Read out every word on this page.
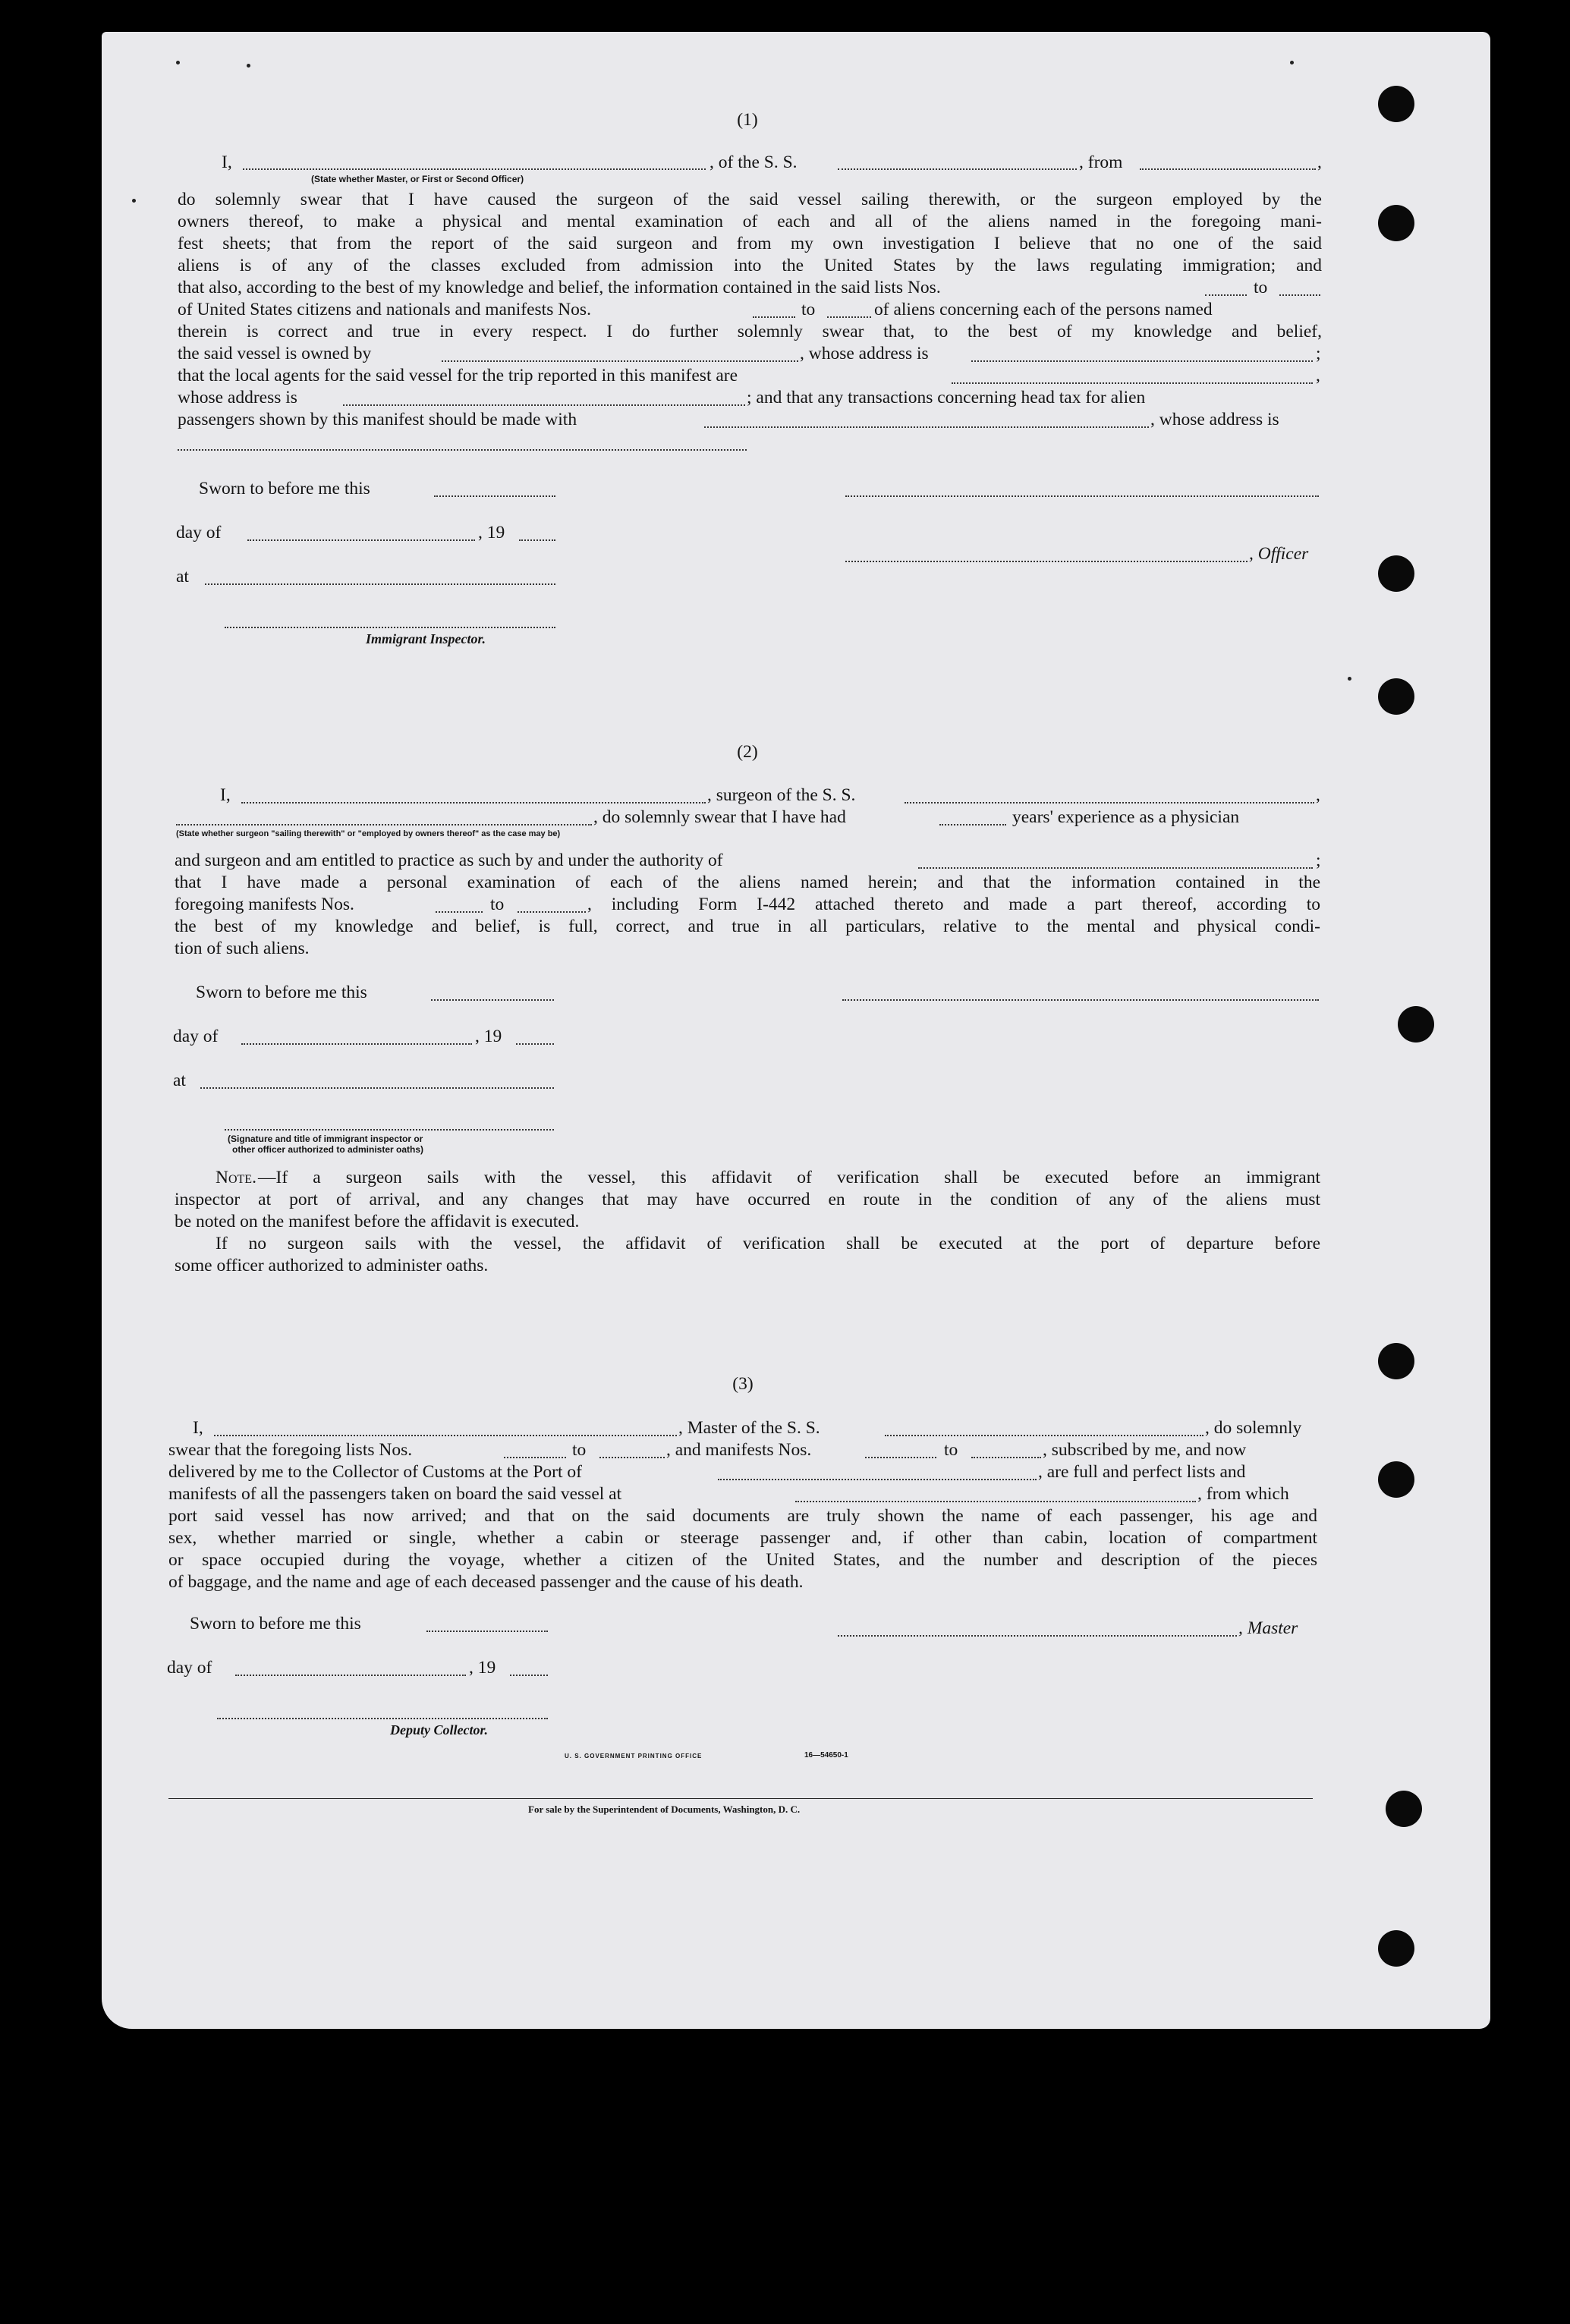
(1)
I,
(State whether Master, or First or Second Officer)
, of the S. S.	, from	,
do solemnly swear that I have caused the surgeon of the said vessel sailing therewith, or the surgeon employed by the
owners thereof, to make a physical and mental examination of each and all of the aliens named in the foregoing mani-
fest sheets; that from the report of the said surgeon and from my own investigation I believe that no one of the said
aliens is of any of the classes excluded from admission into the United States by the laws regulating immigration; and
that also, according to the best of my knowledge and belief, the information contained in the said lists Nos.	to
of United States citizens and nationals and manifests Nos.	to	of aliens concerning each of the persons named
therein is correct and true in every respect. I do further solemnly swear that, to the best of my knowledge and belief,
the said vessel is owned by	, whose address is	;
that the local agents for the said vessel for the trip reported in this manifest are	,
whose address is	; and that any transactions concerning head tax for alien
passengers shown by this manifest should be made with	, whose address is
Sworn to before me this
day of	, 19
, Officer
at
Immigrant Inspector.
(2)
I,	, surgeon of the S. S.	,
(State whether surgeon "sailing therewith" or "employed by owners thereof" as the case may be)
, do solemnly swear that I have had	years' experience as a physician
and surgeon and am entitled to practice as such by and under the authority of	;
that I have made a personal examination of each of the aliens named herein; and that the information contained in the
foregoing manifests Nos.	to	, including Form I-442 attached thereto and made a part thereof, according to
the best of my knowledge and belief, is full, correct, and true in all particulars, relative to the mental and physical condi-
tion of such aliens.
Sworn to before me this
day of	, 19
at
(Signature and title of immigrant inspector or
other officer authorized to administer oaths)
Note. —If a surgeon sails with the vessel, this affidavit of verification shall be executed before an immigrant
inspector at port of arrival, and any changes that may have occurred en route in the condition of any of the aliens must
be noted on the manifest before the affidavit is executed.
If no surgeon sails with the vessel, the affidavit of verification shall be executed at the port of departure before
some officer authorized to administer oaths.
(3)
I,	, Master of the S. S.	, do solemnly
swear that the foregoing lists Nos.	to	, and manifests Nos.	to	, subscribed by me, and now
delivered by me to the Collector of Customs at the Port of	, are full and perfect lists and
manifests of all the passengers taken on board the said vessel at	, from which
port said vessel has now arrived; and that on the said documents are truly shown the name of each passenger, his age and
sex, whether married or single, whether a cabin or steerage passenger and, if other than cabin, location of compartment
or space occupied during the voyage, whether a citizen of the United States, and the number and description of the pieces
of baggage, and the name and age of each deceased passenger and the cause of his death.
Sworn to before me this	, Master
day of	, 19
Deputy Collector.
U. S. GOVERNMENT PRINTING OFFICE	16—54650-1
For sale by the Superintendent of Documents, Washington, D. C.
